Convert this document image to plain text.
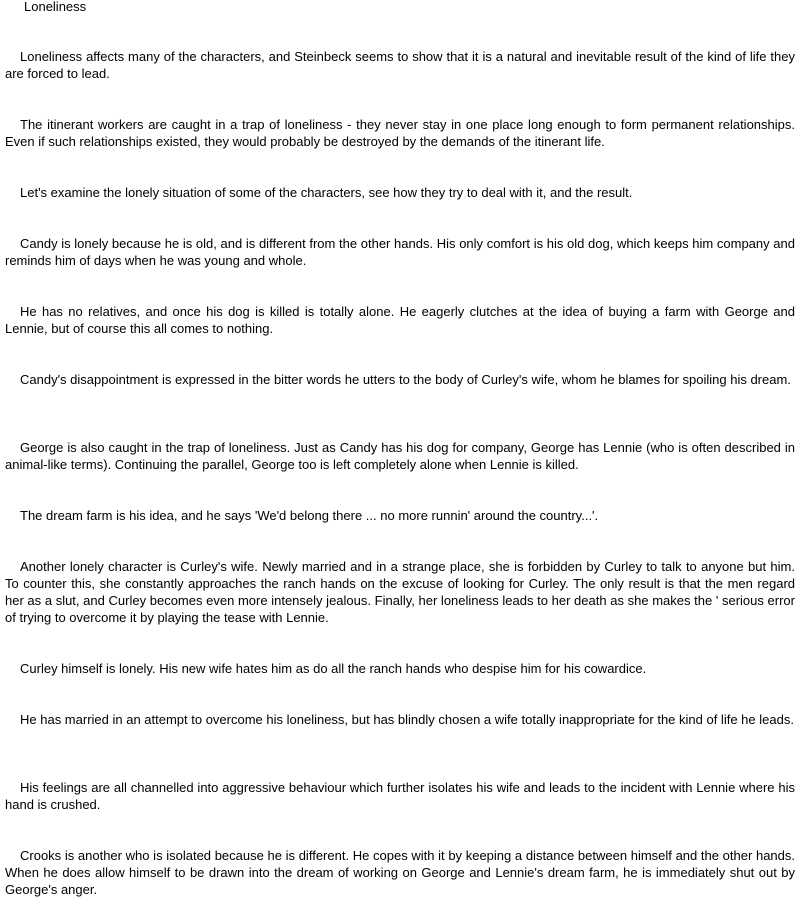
Loneliness

Loneliness affects many of the characters, and Steinbeck seems to show that it is a natural and inevitable result of the kind of life they are forced to lead.

The itinerant workers are caught in a trap of loneliness - they never stay in one place long enough to form permanent relationships. Even if such relationships existed, they would probably be destroyed by the demands of the itinerant life.

Let's examine the lonely situation of some of the characters, see how they try to deal with it, and the result.

Candy is lonely because he is old, and is different from the other hands. His only comfort is his old dog, which keeps him company and reminds him of days when he was young and whole.

He has no relatives, and once his dog is killed is totally alone. He eagerly clutches at the idea of buying a farm with George and Lennie, but of course this all comes to nothing.

Candy's disappointment is expressed in the bitter words he utters to the body of Curley's wife, whom he blames for spoiling his dream.

George is also caught in the trap of loneliness. Just as Candy has his dog for company, George has Lennie (who is often described in animal-like terms). Continuing the parallel, George too is left completely alone when Lennie is killed.

The dream farm is his idea, and he says 'We'd belong there ... no more runnin' around the country...'.

Another lonely character is Curley's wife. Newly married and in a strange place, she is forbidden by Curley to talk to anyone but him. To counter this, she constantly approaches the ranch hands on the excuse of looking for Curley. The only result is that the men regard her as a slut, and Curley becomes even more intensely jealous. Finally, her loneliness leads to her death as she makes the ' serious error of trying to overcome it by playing the tease with Lennie.

Curley himself is lonely. His new wife hates him as do all the ranch hands who despise him for his cowardice.

He has married in an attempt to overcome his loneliness, but has blindly chosen a wife totally inappropriate for the kind of life he leads.

His feelings are all channelled into aggressive behaviour which further isolates his wife and leads to the incident with Lennie where his hand is crushed.

Crooks is another who is isolated because he is different. He copes with it by keeping a distance between himself and the other hands. When he does allow himself to be drawn into the dream of working on George and Lennie's dream farm, he is immediately shut out by George's anger.
